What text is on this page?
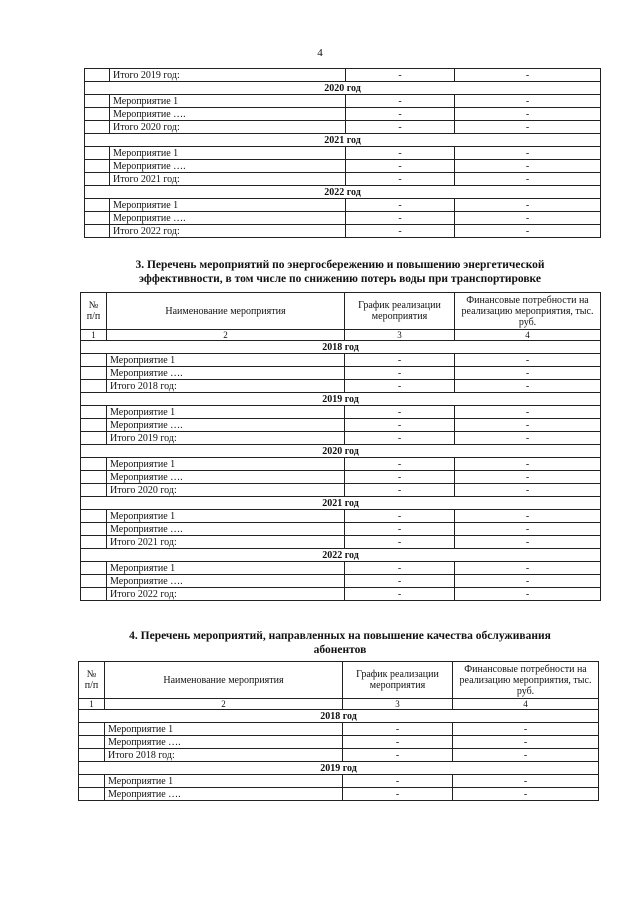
4
	Итого 2019 год:	-	-
2020 год			
	Мероприятие 1	-	-
	Мероприятие ….	-	-
	Итого 2020 год:	-	-
2021 год			
	Мероприятие 1	-	-
	Мероприятие ….	-	-
	Итого 2021 год:	-	-
2022 год			
	Мероприятие 1	-	-
	Мероприятие ….	-	-
	Итого 2022 год:	-	-
3. Перечень мероприятий по энергосбережению и повышению энергетической
эффективности, в том числе по снижению потерь воды при транспортировке
№ п/п	Наименование мероприятия	График реализации мероприятия	Финансовые потребности на реализацию мероприятия, тыс. руб.
1	2	3	4
2018 год			
	Мероприятие 1	-	-
	Мероприятие ….	-	-
	Итого 2018 год:	-	-
2019 год			
	Мероприятие 1	-	-
	Мероприятие ….	-	-
	Итого 2019 год:	-	-
2020 год			
	Мероприятие 1	-	-
	Мероприятие ….	-	-
	Итого 2020 год:	-	-
2021 год			
	Мероприятие 1	-	-
	Мероприятие ….	-	-
	Итого 2021 год:	-	-
2022 год			
	Мероприятие 1	-	-
	Мероприятие ….	-	-
	Итого 2022 год:	-	-
4. Перечень мероприятий, направленных на повышение качества обслуживания
абонентов
№ п/п	Наименование мероприятия	График реализации мероприятия	Финансовые потребности на реализацию мероприятия, тыс. руб.
1	2	3	4
2018 год			
	Мероприятие 1	-	-
	Мероприятие ….	-	-
	Итого 2018 год:	-	-
2019 год			
	Мероприятие 1	-	-
	Мероприятие ….	-	-
